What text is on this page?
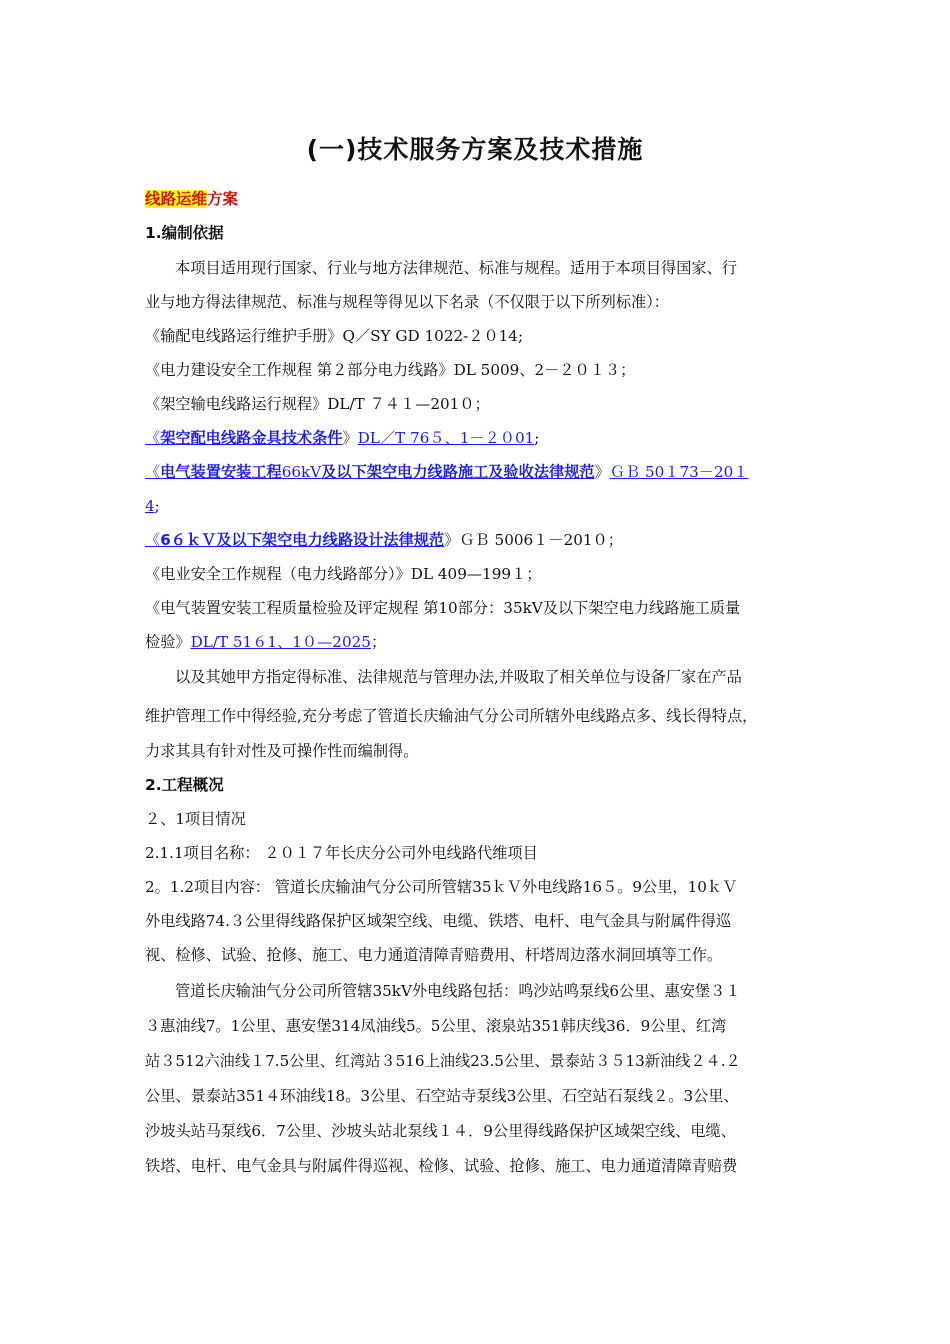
(一)技术服务方案及技术措施
线路运维方案
1.编制依据
本项目适用现行国家、行业与地方法律规范、标准与规程。适用于本项目得国家、行
业与地方得法律规范、标准与规程等得见以下名录（不仅限于以下所列标准）：
《输配电线路运行维护手册》Q／SY GD 1022-２０14;
《电力建设安全工作规程 第２部分电力线路》DL 5009、2－２０１３；
《架空输电线路运行规程》DL/T ７４１—201０；
《架空配电线路金具技术条件》DL／T 76５、1－２０01;
《电气装置安装工程66kV及以下架空电力线路施工及验收法律规范》ＧＢ 50１73－20１
4;
《6６ｋＶ及以下架空电力线路设计法律规范》ＧＢ 5006１－201０；
《电业安全工作规程（电力线路部分）》DL 409—199１；
《电气装置安装工程质量检验及评定规程 第10部分：35kV及以下架空电力线路施工质量
检验》DL/T 51６1、1０—2025；
以及其她甲方指定得标准、法律规范与管理办法,并吸取了相关单位与设备厂家在产品
维护管理工作中得经验,充分考虑了管道长庆输油气分公司所辖外电线路点多、线长得特点，
力求其具有针对性及可操作性而编制得。
2.工程概况
２、1项目情况
2.1.1项目名称： ２０１７年长庆分公司外电线路代维项目
2。1.2项目内容： 管道长庆输油气分公司所管辖35ｋＶ外电线路16５。9公里，10ｋＶ
外电线路74.３公里得线路保护区域架空线、电缆、铁塔、电杆、电气金具与附属件得巡
视、检修、试验、抢修、施工、电力通道清障青赔费用、杆塔周边落水洞回填等工作。
管道长庆输油气分公司所管辖35kV外电线路包括：鸣沙站鸣泵线6公里、惠安堡３１
３惠油线7。1公里、惠安堡314凤油线5。5公里、滚泉站351韩庆线36．9公里、红湾
站３512六油线１7.5公里、红湾站３516上油线23.5公里、景泰站３５13新油线２４.２
公里、景泰站351４环油线18。3公里、石空站寺泵线3公里、石空站石泵线２。3公里、
沙坡头站马泵线6．7公里、沙坡头站北泵线１４．9公里得线路保护区域架空线、电缆、
铁塔、电杆、电气金具与附属件得巡视、检修、试验、抢修、施工、电力通道清障青赔费
